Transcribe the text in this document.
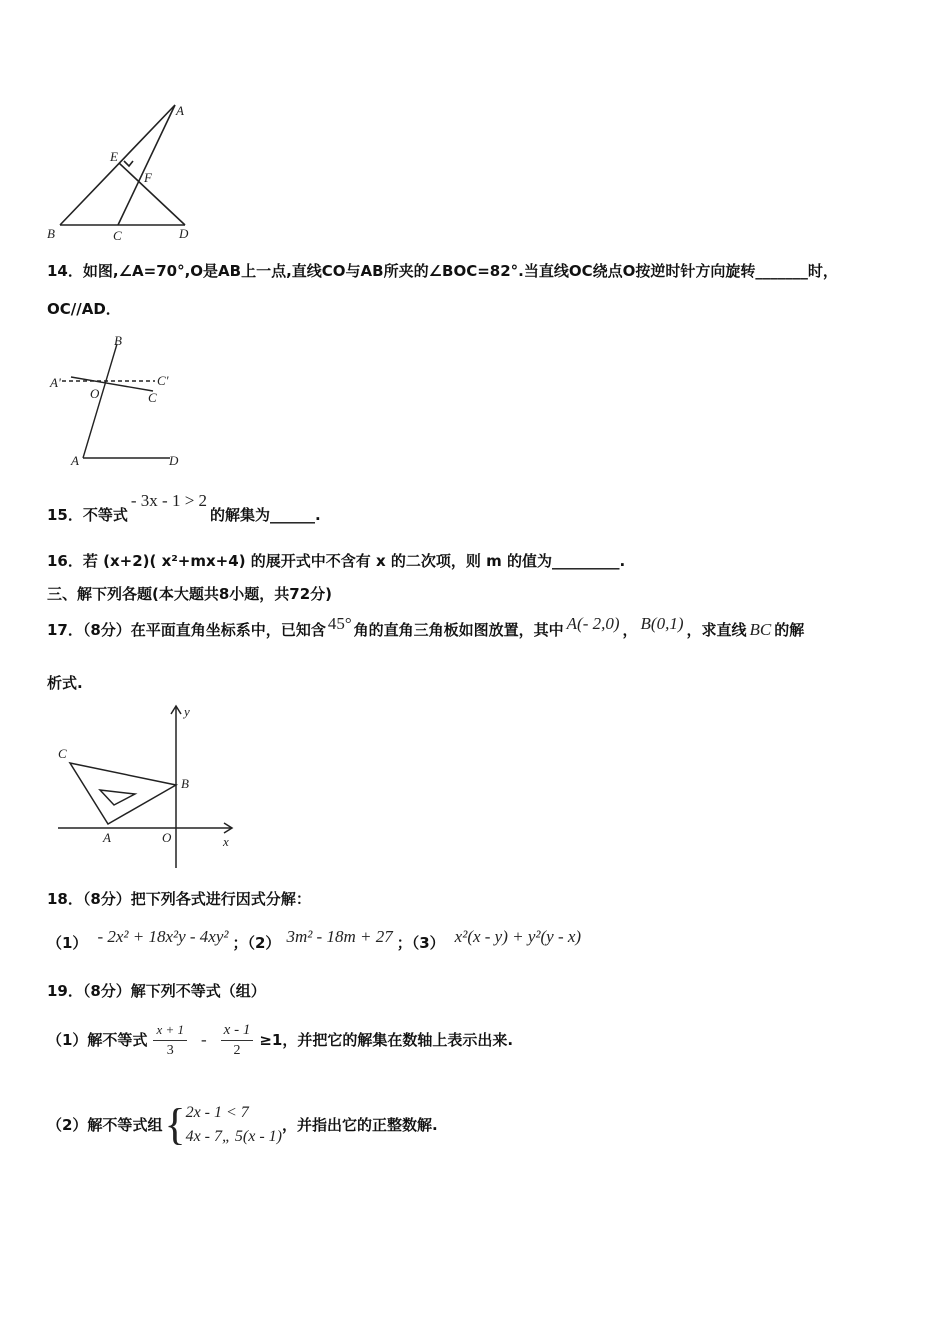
A
E
F
B	C	D
14．如图,∠A=70°,O是AB上一点,直线CO与AB所夹的∠BOC=82°.当直线OC绕点O按逆时针方向旋转_______时，
OC//AD．
B
A'
O
C'
C
A	D
15．不等式- 3x - 1 > 2的解集为______.
16．若 (x+2)( x²+mx+4) 的展开式中不含有 x 的二次项，则 m 的值为_________.
三、解下列各题(本大题共8小题，共72分)
17．（8分）在平面直角坐标系中，已知含 45° 角的直角三角板如图放置，其中 A(- 2,0) ， B(0,1) ，求直线 BC 的解
析式.
y
C
B
A	O	x
18．（8分）把下列各式进行因式分解：
（1） - 2x² + 18x²y - 4xy² ；（2） 3m² - 18m + 27 ；（3） x²(x - y) + y²(y - x)
19．（8分）解下列不等式（组）
（1）解不等式 $\frac{x + 1}{3} - \frac{x - 1}{2} \ge 1$，并把它的解集在数轴上表示出来.
（2）解不等式组 { 2x - 1 < 7
4x - 7„ 5(x - 1)
，并指出它的正整数解.
